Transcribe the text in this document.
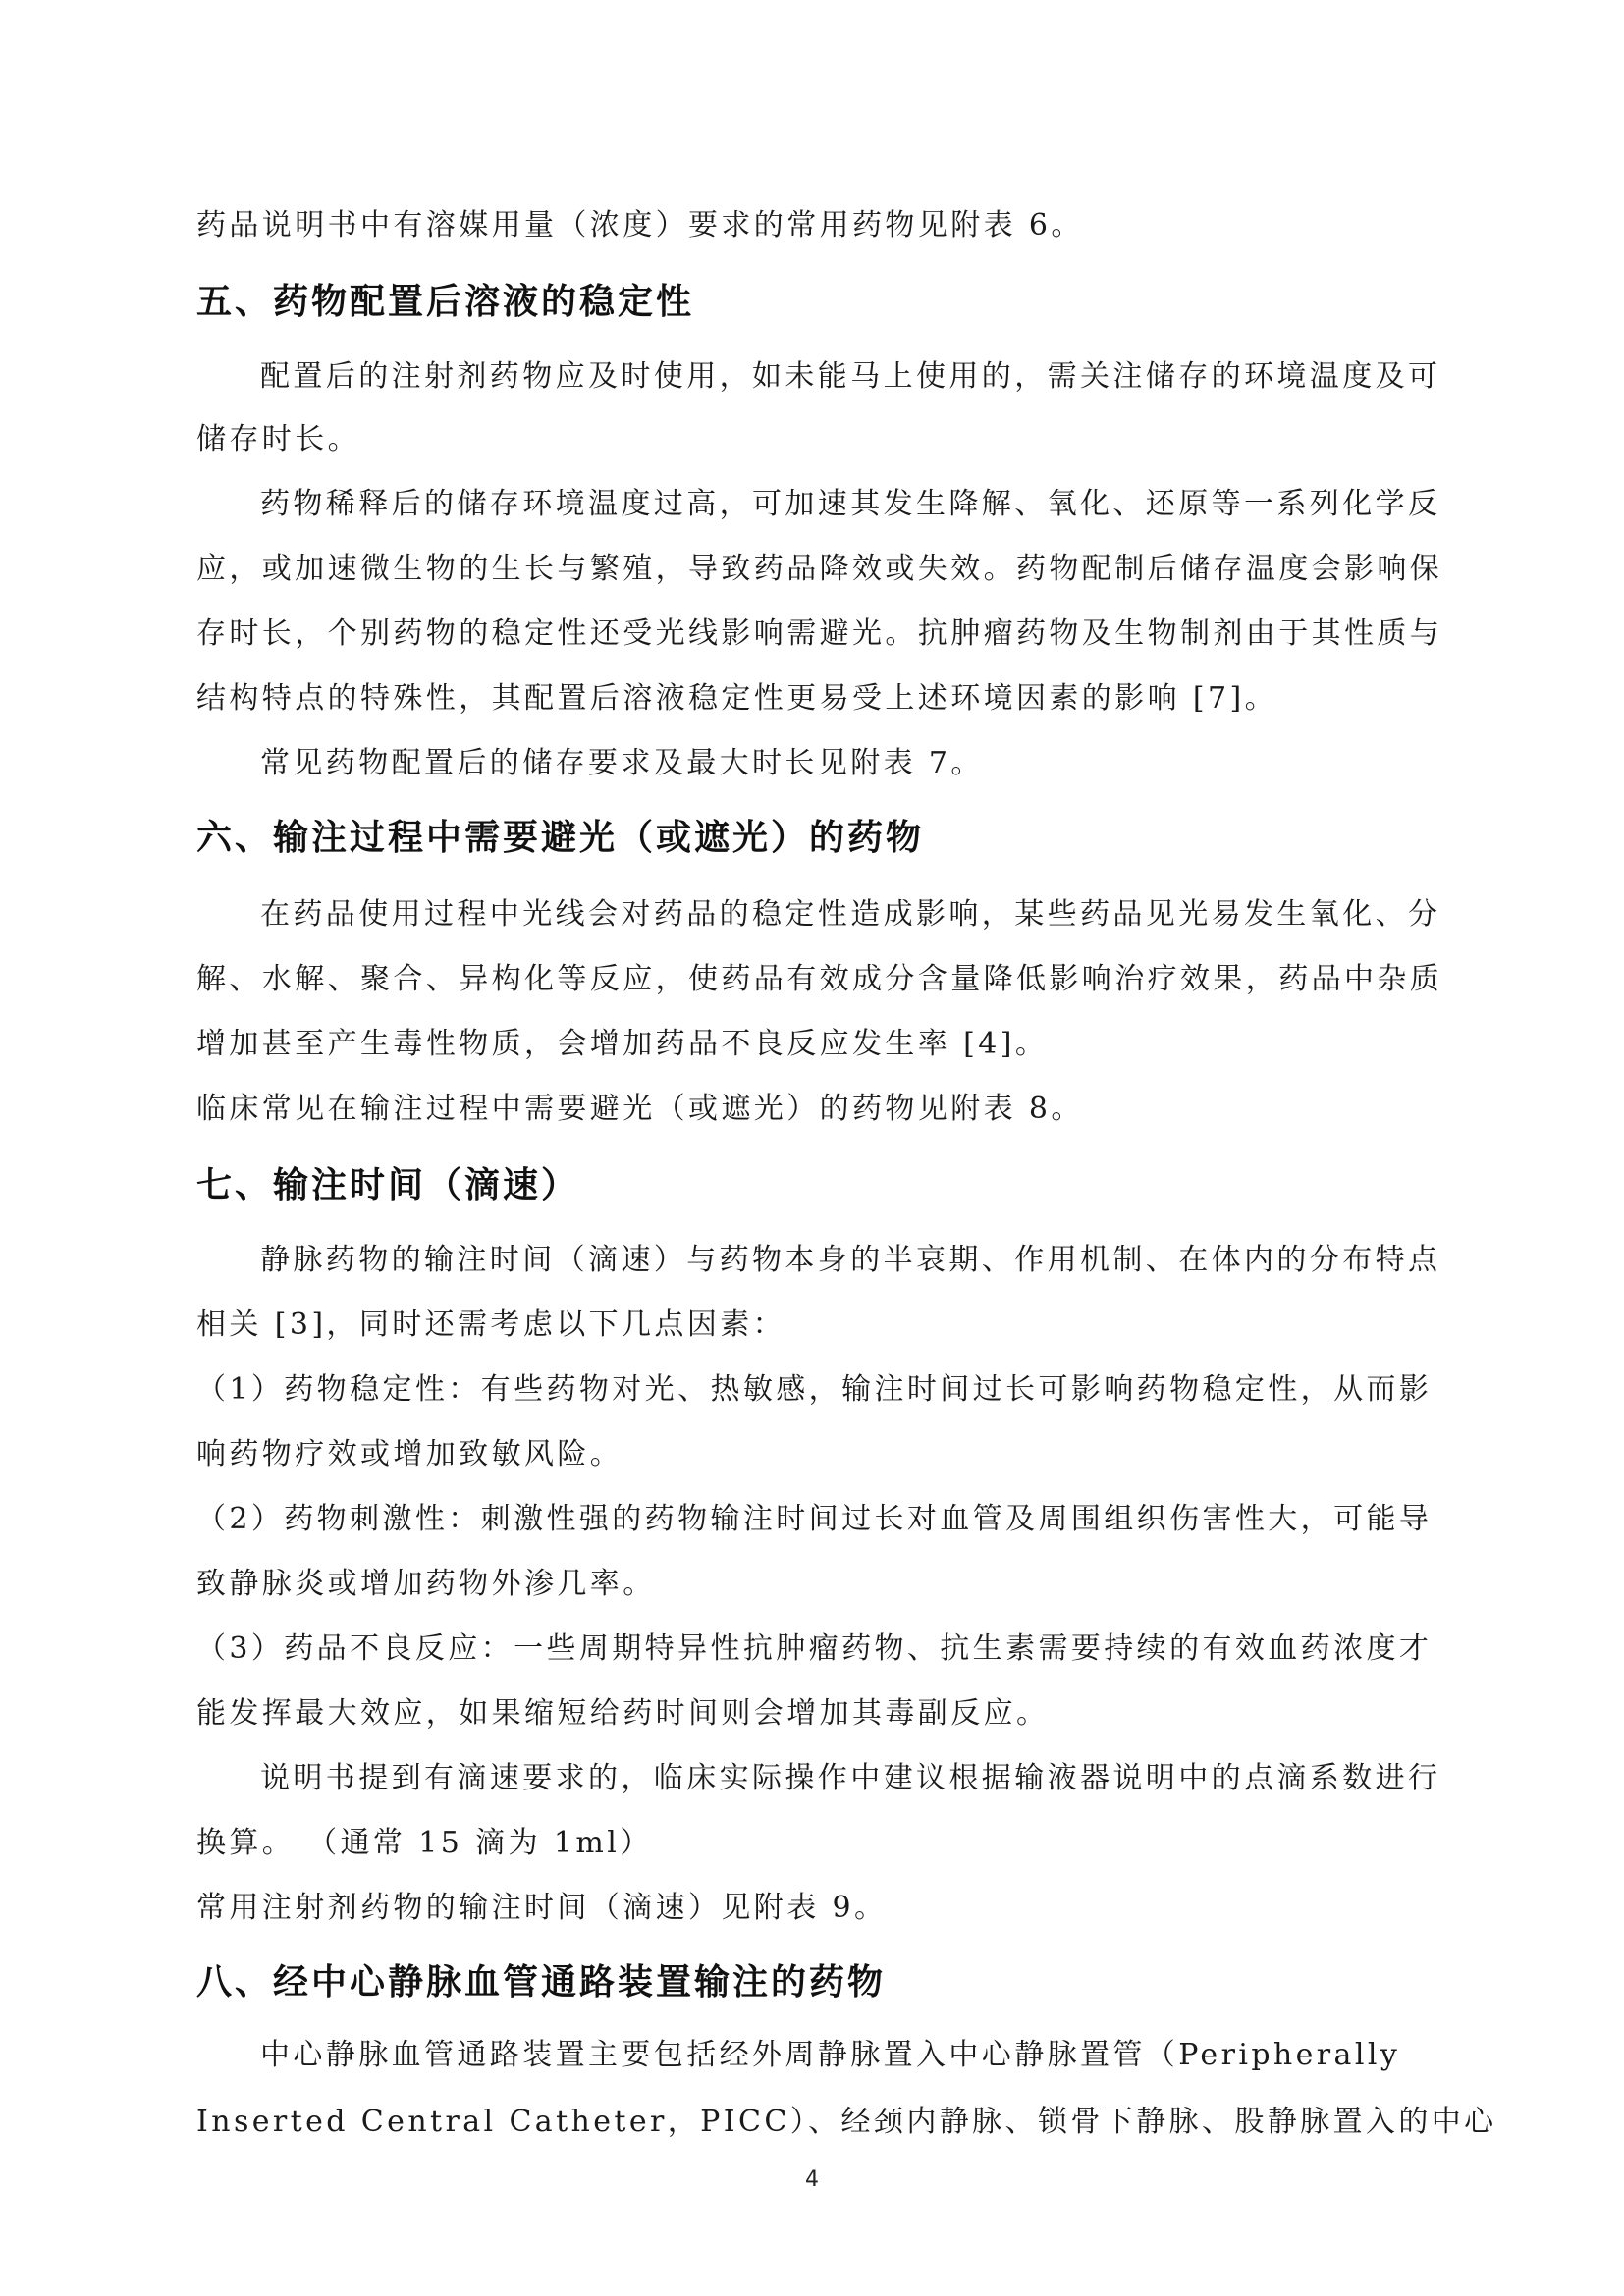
药品说明书中有溶媒用量（浓度）要求的常用药物见附表 6。
五、药物配置后溶液的稳定性
配置后的注射剂药物应及时使用，如未能马上使用的，需关注储存的环境温度及可
储存时长。
药物稀释后的储存环境温度过高，可加速其发生降解、氧化、还原等一系列化学反
应，或加速微生物的生长与繁殖，导致药品降效或失效。药物配制后储存温度会影响保
存时长，个别药物的稳定性还受光线影响需避光。抗肿瘤药物及生物制剂由于其性质与
结构特点的特殊性，其配置后溶液稳定性更易受上述环境因素的影响 [7]。
常见药物配置后的储存要求及最大时长见附表 7。
六、输注过程中需要避光（或遮光）的药物
在药品使用过程中光线会对药品的稳定性造成影响，某些药品见光易发生氧化、分
解、水解、聚合、异构化等反应，使药品有效成分含量降低影响治疗效果，药品中杂质
增加甚至产生毒性物质，会增加药品不良反应发生率 [4]。
临床常见在输注过程中需要避光（或遮光）的药物见附表 8。
七、输注时间（滴速）
静脉药物的输注时间（滴速）与药物本身的半衰期、作用机制、在体内的分布特点
相关 [3]，同时还需考虑以下几点因素：
（1）药物稳定性：有些药物对光、热敏感，输注时间过长可影响药物稳定性，从而影
响药物疗效或增加致敏风险。
（2）药物刺激性：刺激性强的药物输注时间过长对血管及周围组织伤害性大，可能导
致静脉炎或增加药物外渗几率。
（3）药品不良反应：一些周期特异性抗肿瘤药物、抗生素需要持续的有效血药浓度才
能发挥最大效应，如果缩短给药时间则会增加其毒副反应。
说明书提到有滴速要求的，临床实际操作中建议根据输液器说明中的点滴系数进行
换算。 （通常 15 滴为 1ml）
常用注射剂药物的输注时间（滴速）见附表 9。
八、经中心静脉血管通路装置输注的药物
中心静脉血管通路装置主要包括经外周静脉置入中心静脉置管（Peripherally
Inserted Central Catheter，PICC）、经颈内静脉、锁骨下静脉、股静脉置入的中心
4
